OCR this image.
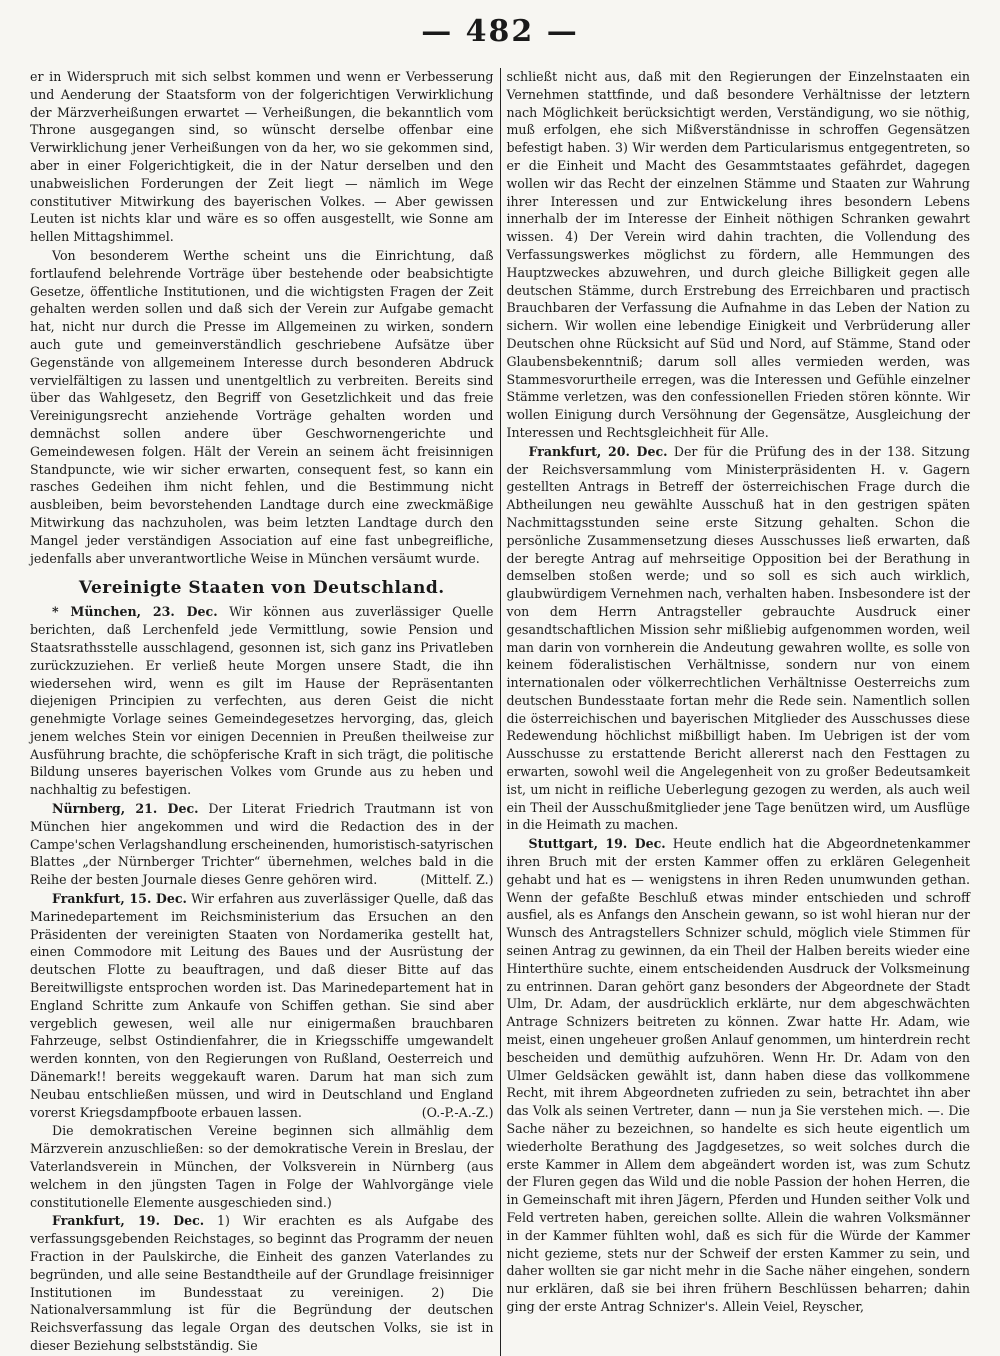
— 482 —

er in Widerspruch mit sich selbst kommen und wenn er Verbesserung und Aenderung der Staatsform von der folgerichtigen Verwirklichung der Märzverheißungen erwartet — Verheißungen, die bekanntlich vom Throne ausgegangen sind, so wünscht derselbe offenbar eine Verwirklichung jener Verheißungen von da her, wo sie gekommen sind, aber in einer Folgerichtigkeit, die in der Natur derselben und den unabweislichen Forderungen der Zeit liegt — nämlich im Wege constitutiver Mitwirkung des bayerischen Volkes. — Aber gewissen Leuten ist nichts klar und wäre es so offen ausgestellt, wie Sonne am hellen Mittagshimmel.

Von besonderem Werthe scheint uns die Einrichtung, daß fortlaufend belehrende Vorträge über bestehende oder beabsichtigte Gesetze, öffentliche Institutionen, und die wichtigsten Fragen der Zeit gehalten werden sollen und daß sich der Verein zur Aufgabe gemacht hat, nicht nur durch die Presse im Allgemeinen zu wirken, sondern auch gute und gemeinverständlich geschriebene Aufsätze über Gegenstände von allgemeinem Interesse durch besonderen Abdruck vervielfältigen zu lassen und unentgeltlich zu verbreiten. Bereits sind über das Wahlgesetz, den Begriff von Gesetzlichkeit und das freie Vereinigungsrecht anziehende Vorträge gehalten worden und demnächst sollen andere über Geschwornengerichte und Gemeindewesen folgen. Hält der Verein an seinem ächt freisinnigen Standpuncte, wie wir sicher erwarten, consequent fest, so kann ein rasches Gedeihen ihm nicht fehlen, und die Bestimmung nicht ausbleiben, beim bevorstehenden Landtage durch eine zweckmäßige Mitwirkung das nachzuholen, was beim letzten Landtage durch den Mangel jeder verständigen Association auf eine fast unbegreifliche, jedenfalls aber unverantwortliche Weise in München versäumt wurde.

Vereinigte Staaten von Deutschland.

* München, 23. Dec. Wir können aus zuverlässiger Quelle berichten, daß Lerchenfeld jede Vermittlung, sowie Pension und Staatsrathsstelle ausschlagend, gesonnen ist, sich ganz ins Privatleben zurückzuziehen. Er verließ heute Morgen unsere Stadt, die ihn wiedersehen wird, wenn es gilt im Hause der Repräsentanten diejenigen Principien zu verfechten, aus deren Geist die nicht genehmigte Vorlage seines Gemeindegesetzes hervorging, das, gleich jenem welches Stein vor einigen Decennien in Preußen theilweise zur Ausführung brachte, die schöpferische Kraft in sich trägt, die politische Bildung unseres bayerischen Volkes vom Grunde aus zu heben und nachhaltig zu befestigen.

Nürnberg, 21. Dec. Der Literat Friedrich Trautmann ist von München hier angekommen und wird die Redaction des in der Campe'schen Verlagshandlung erscheinenden, humoristisch-satyrischen Blattes „der Nürnberger Trichter“ übernehmen, welches bald in die Reihe der besten Journale dieses Genre gehören wird.	(Mittelf. Z.)

Frankfurt, 15. Dec. Wir erfahren aus zuverlässiger Quelle, daß das Marinedepartement im Reichsministerium das Ersuchen an den Präsidenten der vereinigten Staaten von Nordamerika gestellt hat, einen Commodore mit Leitung des Baues und der Ausrüstung der deutschen Flotte zu beauftragen, und daß dieser Bitte auf das Bereitwilligste entsprochen worden ist. Das Marinedepartement hat in England Schritte zum Ankaufe von Schiffen gethan. Sie sind aber vergeblich gewesen, weil alle nur einigermaßen brauchbaren Fahrzeuge, selbst Ostindienfahrer, die in Kriegsschiffe umgewandelt werden konnten, von den Regierungen von Rußland, Oesterreich und Dänemark!! bereits weggekauft waren. Darum hat man sich zum Neubau entschließen müssen, und wird in Deutschland und England vorerst Kriegsdampfboote erbauen lassen.	(O.-P.-A.-Z.)

Die demokratischen Vereine beginnen sich allmählig dem Märzverein anzuschließen: so der demokratische Verein in Breslau, der Vaterlandsverein in München, der Volksverein in Nürnberg (aus welchem in den jüngsten Tagen in Folge der Wahlvorgänge viele constitutionelle Elemente ausgeschieden sind.)

Frankfurt, 19. Dec. 1) Wir erachten es als Aufgabe des verfassungsgebenden Reichstages, so beginnt das Programm der neuen Fraction in der Paulskirche, die Einheit des ganzen Vaterlandes zu begründen, und alle seine Bestandtheile auf der Grundlage freisinniger Institutionen im Bundesstaat zu vereinigen. 2) Die Nationalversammlung ist für die Begründung der deutschen Reichsverfassung das legale Organ des deutschen Volks, sie ist in dieser Beziehung selbstständig. Sie

schließt nicht aus, daß mit den Regierungen der Einzelnstaaten ein Vernehmen stattfinde, und daß besondere Verhältnisse der letztern nach Möglichkeit berücksichtigt werden, Verständigung, wo sie nöthig, muß erfolgen, ehe sich Mißverständnisse in schroffen Gegensätzen befestigt haben. 3) Wir werden dem Particularismus entgegentreten, so er die Einheit und Macht des Gesammtstaates gefährdet, dagegen wollen wir das Recht der einzelnen Stämme und Staaten zur Wahrung ihrer Interessen und zur Entwickelung ihres besondern Lebens innerhalb der im Interesse der Einheit nöthigen Schranken gewahrt wissen. 4) Der Verein wird dahin trachten, die Vollendung des Verfassungswerkes möglichst zu fördern, alle Hemmungen des Hauptzweckes abzuwehren, und durch gleiche Billigkeit gegen alle deutschen Stämme, durch Erstrebung des Erreichbaren und practisch Brauchbaren der Verfassung die Aufnahme in das Leben der Nation zu sichern. Wir wollen eine lebendige Einigkeit und Verbrüderung aller Deutschen ohne Rücksicht auf Süd und Nord, auf Stämme, Stand oder Glaubensbekenntniß; darum soll alles vermieden werden, was Stammesvorurtheile erregen, was die Interessen und Gefühle einzelner Stämme verletzen, was den confessionellen Frieden stören könnte. Wir wollen Einigung durch Versöhnung der Gegensätze, Ausgleichung der Interessen und Rechtsgleichheit für Alle.

Frankfurt, 20. Dec. Der für die Prüfung des in der 138. Sitzung der Reichsversammlung vom Ministerpräsidenten H. v. Gagern gestellten Antrags in Betreff der österreichischen Frage durch die Abtheilungen neu gewählte Ausschuß hat in den gestrigen späten Nachmittagsstunden seine erste Sitzung gehalten. Schon die persönliche Zusammensetzung dieses Ausschusses ließ erwarten, daß der beregte Antrag auf mehrseitige Opposition bei der Berathung in demselben stoßen werde; und so soll es sich auch wirklich, glaubwürdigem Vernehmen nach, verhalten haben. Insbesondere ist der von dem Herrn Antragsteller gebrauchte Ausdruck einer gesandtschaftlichen Mission sehr mißliebig aufgenommen worden, weil man darin von vornherein die Andeutung gewahren wollte, es solle von keinem föderalistischen Verhältnisse, sondern nur von einem internationalen oder völkerrechtlichen Verhältnisse Oesterreichs zum deutschen Bundesstaate fortan mehr die Rede sein. Namentlich sollen die österreichischen und bayerischen Mitglieder des Ausschusses diese Redewendung höchlichst mißbilligt haben. Im Uebrigen ist der vom Ausschusse zu erstattende Bericht allererst nach den Festtagen zu erwarten, sowohl weil die Angelegenheit von zu großer Bedeutsamkeit ist, um nicht in reifliche Ueberlegung gezogen zu werden, als auch weil ein Theil der Ausschußmitglieder jene Tage benützen wird, um Ausflüge in die Heimath zu machen.

Stuttgart, 19. Dec. Heute endlich hat die Abgeordnetenkammer ihren Bruch mit der ersten Kammer offen zu erklären Gelegenheit gehabt und hat es — wenigstens in ihren Reden unumwunden gethan. Wenn der gefaßte Beschluß etwas minder entschieden und schroff ausfiel, als es Anfangs den Anschein gewann, so ist wohl hieran nur der Wunsch des Antragstellers Schnizer schuld, möglich viele Stimmen für seinen Antrag zu gewinnen, da ein Theil der Halben bereits wieder eine Hinterthüre suchte, einem entscheidenden Ausdruck der Volksmeinung zu entrinnen. Daran gehört ganz besonders der Abgeordnete der Stadt Ulm, Dr. Adam, der ausdrücklich erklärte, nur dem abgeschwächten Antrage Schnizers beitreten zu können. Zwar hatte Hr. Adam, wie meist, einen ungeheuer großen Anlauf genommen, um hinterdrein recht bescheiden und demüthig aufzuhören. Wenn Hr. Dr. Adam von den Ulmer Geldsäcken gewählt ist, dann haben diese das vollkommene Recht, mit ihrem Abgeordneten zufrieden zu sein, betrachtet ihn aber das Volk als seinen Vertreter, dann — nun ja Sie verstehen mich. —. Die Sache näher zu bezeichnen, so handelte es sich heute eigentlich um wiederholte Berathung des Jagdgesetzes, so weit solches durch die erste Kammer in Allem dem abgeändert worden ist, was zum Schutz der Fluren gegen das Wild und die noble Passion der hohen Herren, die in Gemeinschaft mit ihren Jägern, Pferden und Hunden seither Volk und Feld vertreten haben, gereichen sollte. Allein die wahren Volksmänner in der Kammer fühlten wohl, daß es sich für die Würde der Kammer nicht gezieme, stets nur der Schweif der ersten Kammer zu sein, und daher wollten sie gar nicht mehr in die Sache näher eingehen, sondern nur erklären, daß sie bei ihren frühern Beschlüssen beharren; dahin ging der erste Antrag Schnizer's. Allein Veiel, Reyscher,
